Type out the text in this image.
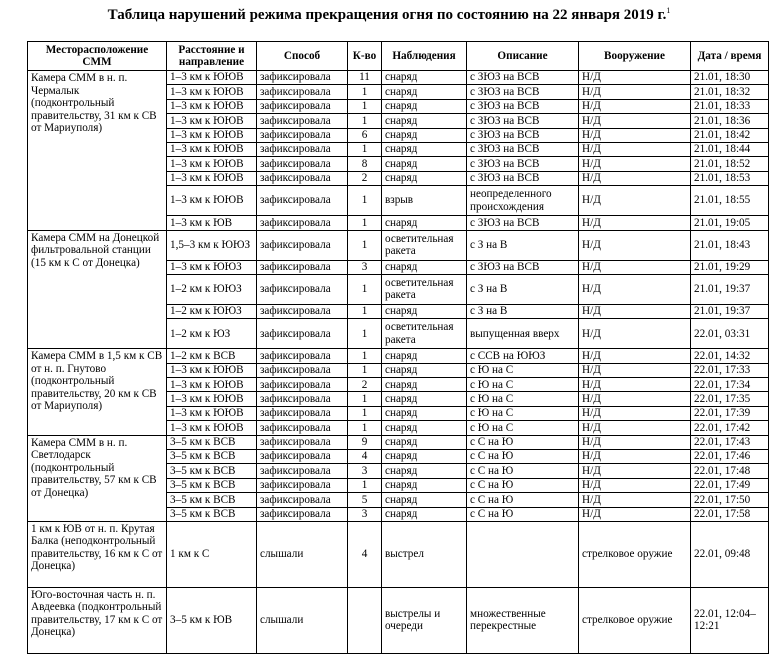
Таблица нарушений режима прекращения огня по состоянию на 22 января 2019 г.$^1$
Месторасположение СММ	Расстояние и направление	Способ	К-во	Наблюдения	Описание	Вооружение	Дата / время
Камера СММ в н. п. Чермалык (подконтрольный правительству, 31 км к СВ от Мариуполя)	1–3 км к ЮЮВ	зафиксировала	11	снаряд	с ЗЮЗ на ВСВ	Н/Д	21.01, 18:30
	1–3 км к ЮЮВ	зафиксировала	1	снаряд	с ЗЮЗ на ВСВ	Н/Д	21.01, 18:32
	1–3 км к ЮЮВ	зафиксировала	1	снаряд	с ЗЮЗ на ВСВ	Н/Д	21.01, 18:33
	1–3 км к ЮЮВ	зафиксировала	1	снаряд	с ЗЮЗ на ВСВ	Н/Д	21.01, 18:36
	1–3 км к ЮЮВ	зафиксировала	6	снаряд	с ЗЮЗ на ВСВ	Н/Д	21.01, 18:42
	1–3 км к ЮЮВ	зафиксировала	1	снаряд	с ЗЮЗ на ВСВ	Н/Д	21.01, 18:44
	1–3 км к ЮЮВ	зафиксировала	8	снаряд	с ЗЮЗ на ВСВ	Н/Д	21.01, 18:52
	1–3 км к ЮЮВ	зафиксировала	2	снаряд	с ЗЮЗ на ВСВ	Н/Д	21.01, 18:53
	1–3 км к ЮЮВ	зафиксировала	1	взрыв	неопределенного происхождения	Н/Д	21.01, 18:55
	1–3 км к ЮВ	зафиксировала	1	снаряд	с ЗЮЗ на ВСВ	Н/Д	21.01, 19:05
Камера СММ на Донецкой фильтровальной станции (15 км к С от Донецка)	1,5–3 км к ЮЮЗ	зафиксировала	1	осветительная ракета	с З на В	Н/Д	21.01, 18:43
	1–3 км к ЮЮЗ	зафиксировала	3	снаряд	с ЗЮЗ на ВСВ	Н/Д	21.01, 19:29
	1–2 км к ЮЮЗ	зафиксировала	1	осветительная ракета	с З на В	Н/Д	21.01, 19:37
	1–2 км к ЮЮЗ	зафиксировала	1	снаряд	с З на В	Н/Д	21.01, 19:37
	1–2 км к ЮЗ	зафиксировала	1	осветительная ракета	выпущенная вверх	Н/Д	22.01, 03:31
Камера СММ в 1,5 км к СВ от н. п. Гнутово (подконтрольный правительству, 20 км к СВ от Мариуполя)	1–2 км к ВСВ	зафиксировала	1	снаряд	с ССВ на ЮЮЗ	Н/Д	22.01, 14:32
	1–3 км к ЮЮВ	зафиксировала	1	снаряд	с Ю на С	Н/Д	22.01, 17:33
	1–3 км к ЮЮВ	зафиксировала	2	снаряд	с Ю на С	Н/Д	22.01, 17:34
	1–3 км к ЮЮВ	зафиксировала	1	снаряд	с Ю на С	Н/Д	22.01, 17:35
	1–3 км к ЮЮВ	зафиксировала	1	снаряд	с Ю на С	Н/Д	22.01, 17:39
	1–3 км к ЮЮВ	зафиксировала	1	снаряд	с Ю на С	Н/Д	22.01, 17:42
Камера СММ в н. п. Светлодарск (подконтрольный правительству, 57 км к СВ от Донецка)	3–5 км к ВСВ	зафиксировала	9	снаряд	с С на Ю	Н/Д	22.01, 17:43
	3–5 км к ВСВ	зафиксировала	4	снаряд	с С на Ю	Н/Д	22.01, 17:46
	3–5 км к ВСВ	зафиксировала	3	снаряд	с С на Ю	Н/Д	22.01, 17:48
	3–5 км к ВСВ	зафиксировала	1	снаряд	с С на Ю	Н/Д	22.01, 17:49
	3–5 км к ВСВ	зафиксировала	5	снаряд	с С на Ю	Н/Д	22.01, 17:50
	3–5 км к ВСВ	зафиксировала	3	снаряд	с С на Ю	Н/Д	22.01, 17:58
1 км к ЮВ от н. п. Крутая Балка (неподконтрольный правительству, 16 км к С от Донецка)	1 км к С	слышали	4	выстрел		стрелковое оружие	22.01, 09:48
Юго-восточная часть н. п. Авдеевка (подконтрольный правительству, 17 км к С от Донецка)	3–5 км к ЮВ	слышали		выстрелы и очереди	множественные перекрестные	стрелковое оружие	22.01, 12:04–12:21
